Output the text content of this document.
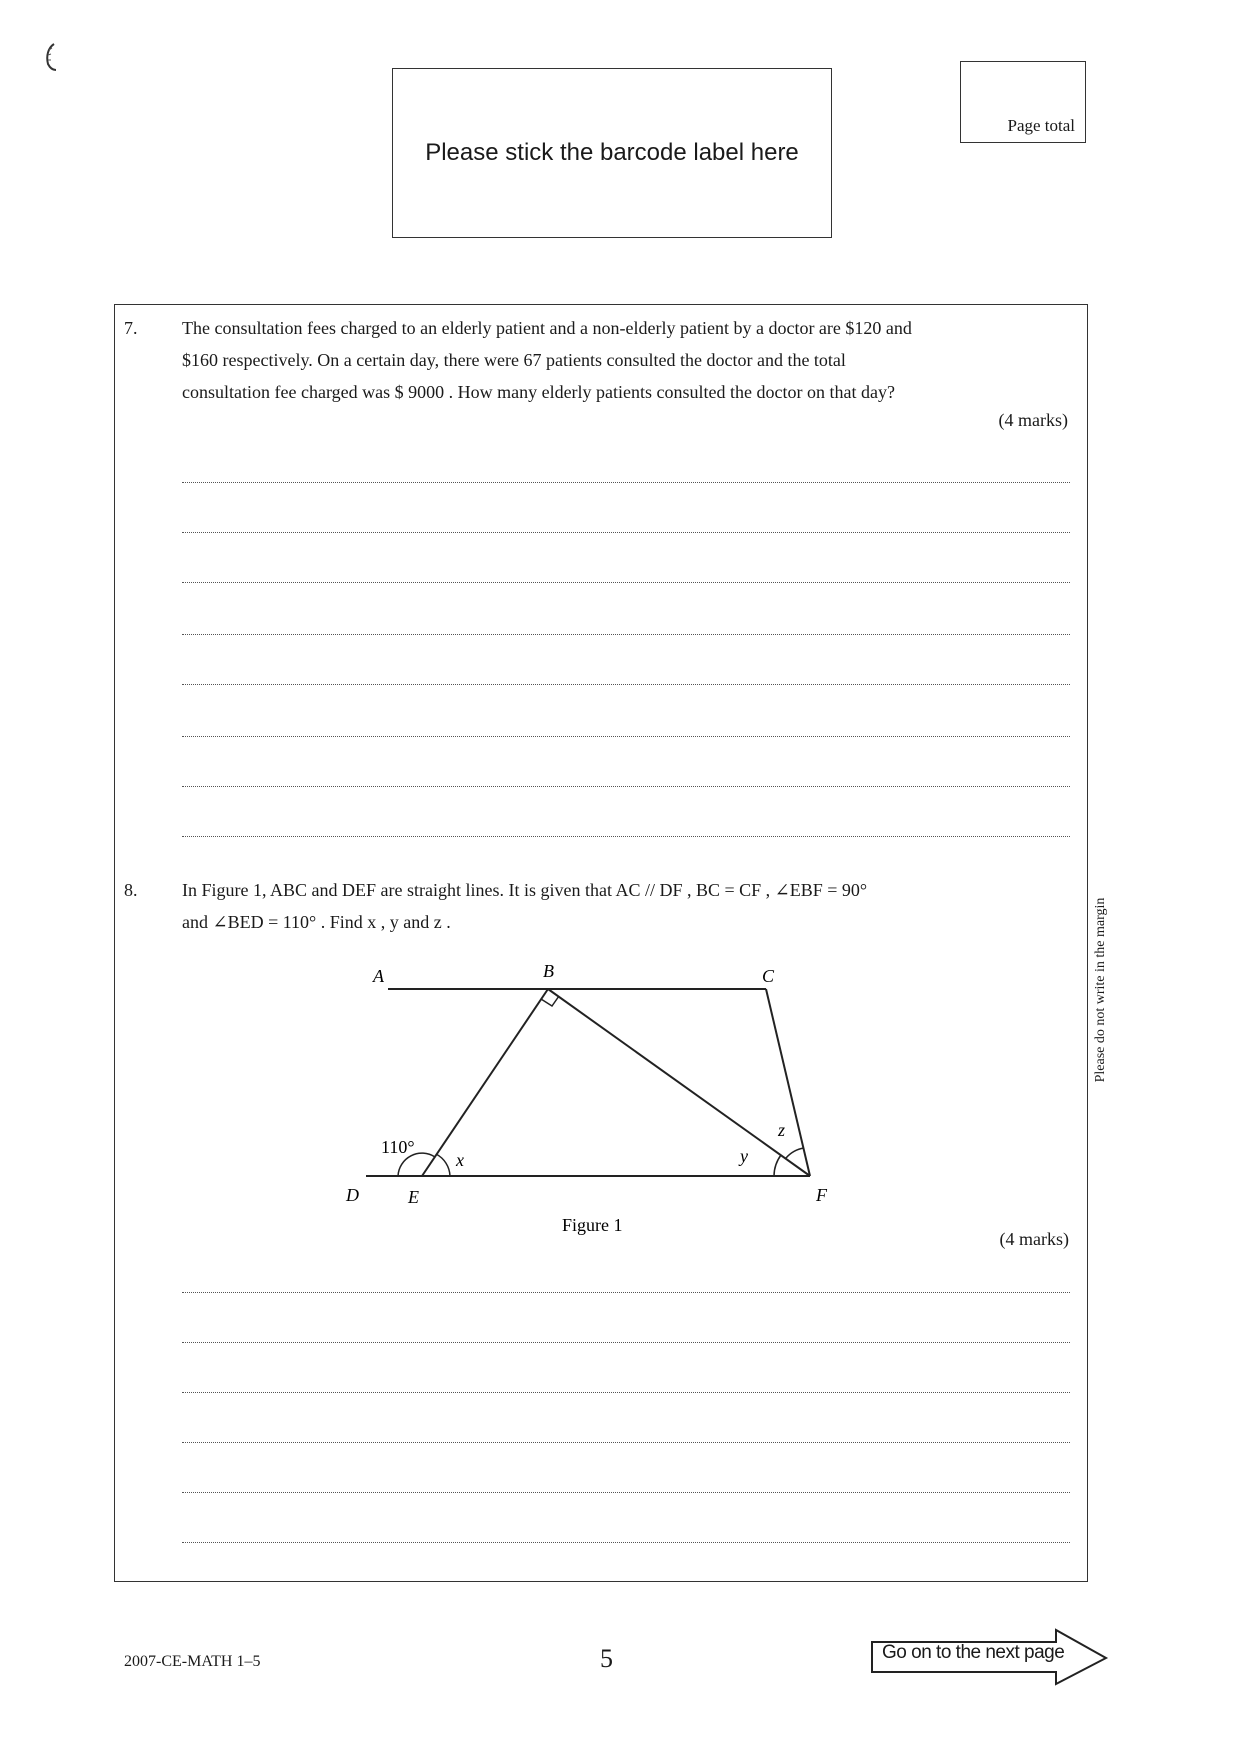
Please stick the barcode label here
Page total
7. The consultation fees charged to an elderly patient and a non-elderly patient by a doctor are $120 and
$160 respectively. On a certain day, there were 67 patients consulted the doctor and the total
consultation fee charged was $ 9000 . How many elderly patients consulted the doctor on that day?
(4 marks)
8. In Figure 1, ABC and DEF are straight lines. It is given that AC // DF , BC = CF , ∠EBF = 90°
and ∠BED = 110° . Find x , y and z .
A	B	C
D	E	F
110°
x	y
z
Figure 1
(4 marks)
Please do not write in the margin
2007-CE-MATH 1–5	5	Go on to the next page
